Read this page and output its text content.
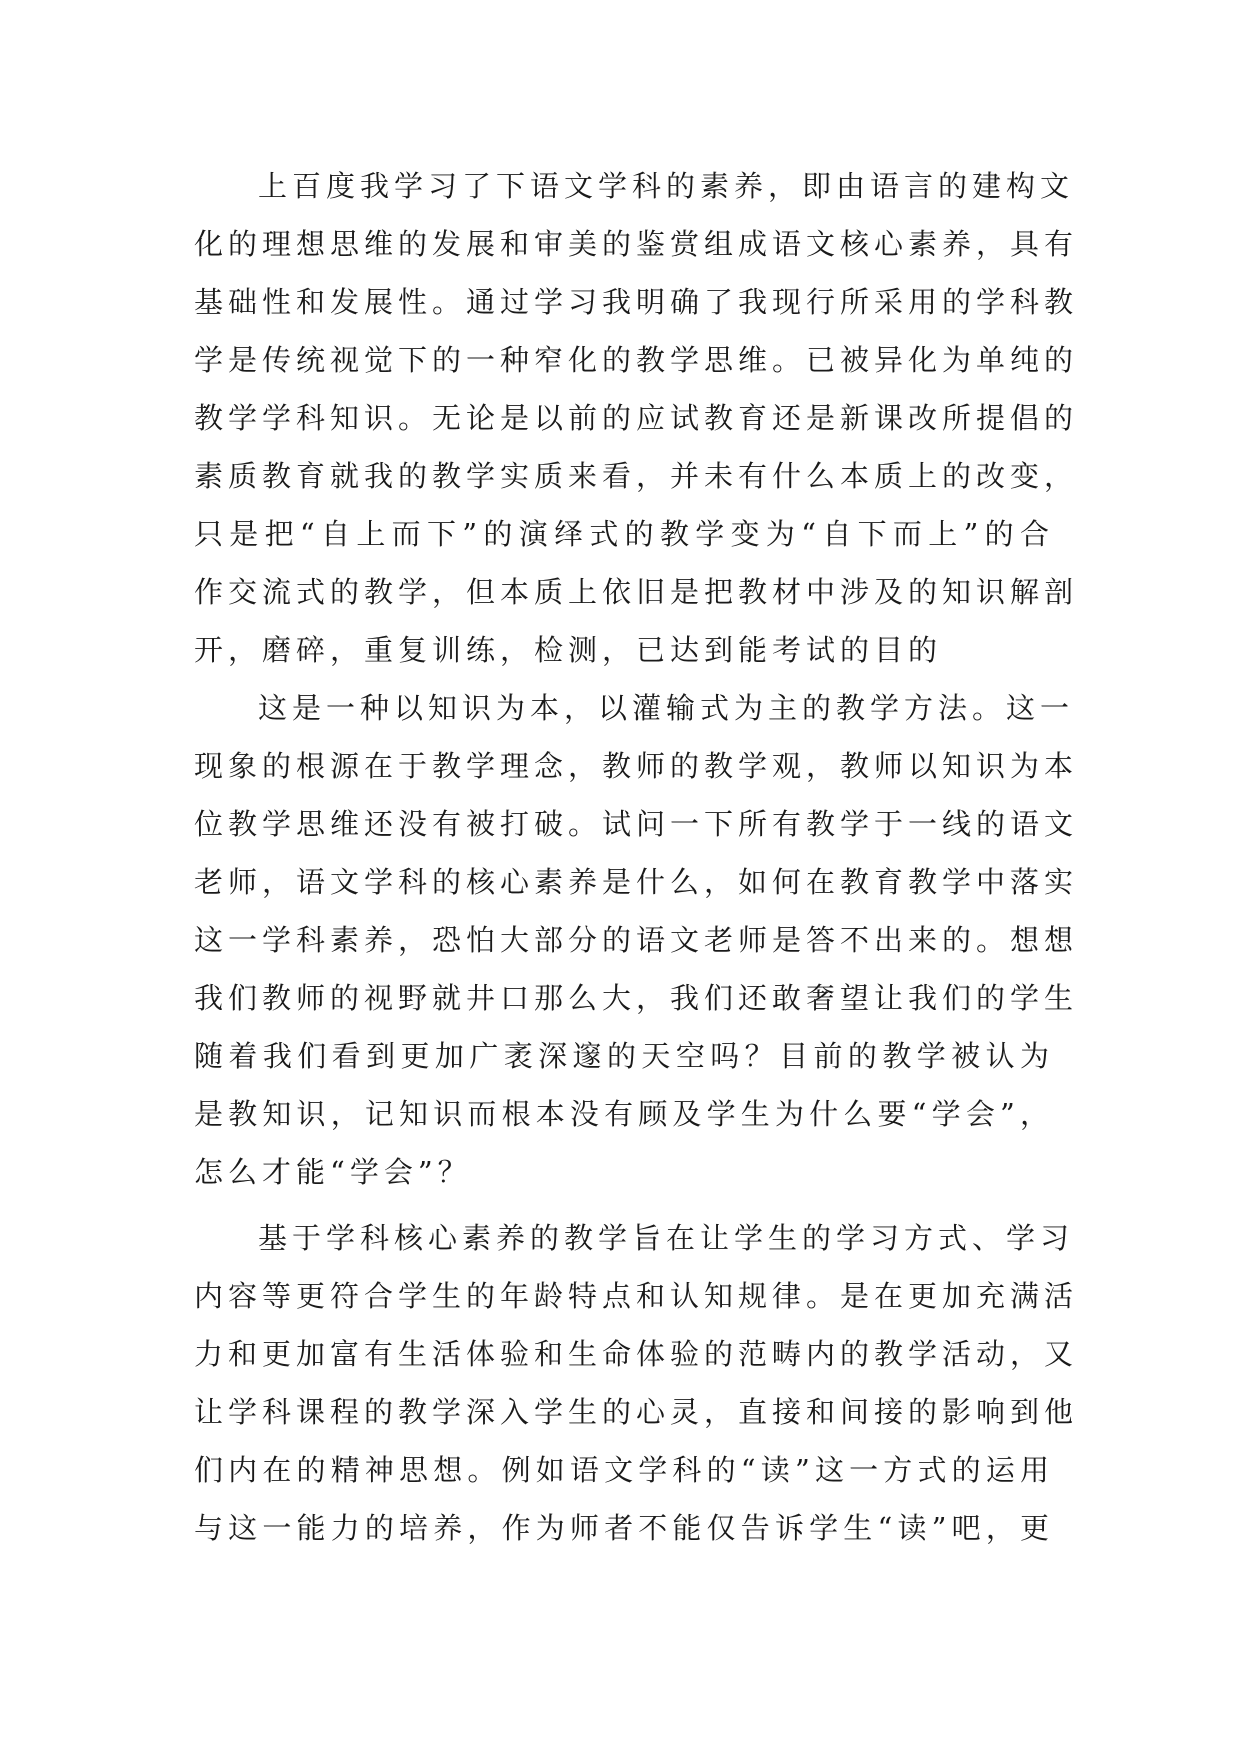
上百度我学习了下语文学科的素养，即由语言的建构文
化的理想思维的发展和审美的鉴赏组成语文核心素养，具有
基础性和发展性。通过学习我明确了我现行所采用的学科教
学是传统视觉下的一种窄化的教学思维。已被异化为单纯的
教学学科知识。无论是以前的应试教育还是新课改所提倡的
素质教育就我的教学实质来看，并未有什么本质上的改变，
只是把“自上而下”的演绎式的教学变为“自下而上”的合
作交流式的教学，但本质上依旧是把教材中涉及的知识解剖
开，磨碎，重复训练，检测，已达到能考试的目的
这是一种以知识为本，以灌输式为主的教学方法。这一
现象的根源在于教学理念，教师的教学观，教师以知识为本
位教学思维还没有被打破。试问一下所有教学于一线的语文
老师，语文学科的核心素养是什么，如何在教育教学中落实
这一学科素养，恐怕大部分的语文老师是答不出来的。想想
我们教师的视野就井口那么大，我们还敢奢望让我们的学生
随着我们看到更加广袤深邃的天空吗？目前的教学被认为
是教知识，记知识而根本没有顾及学生为什么要“学会”，
怎么才能“学会”？
基于学科核心素养的教学旨在让学生的学习方式、学习
内容等更符合学生的年龄特点和认知规律。是在更加充满活
力和更加富有生活体验和生命体验的范畴内的教学活动，又
让学科课程的教学深入学生的心灵，直接和间接的影响到他
们内在的精神思想。例如语文学科的“读”这一方式的运用
与这一能力的培养，作为师者不能仅告诉学生“读”吧，更
